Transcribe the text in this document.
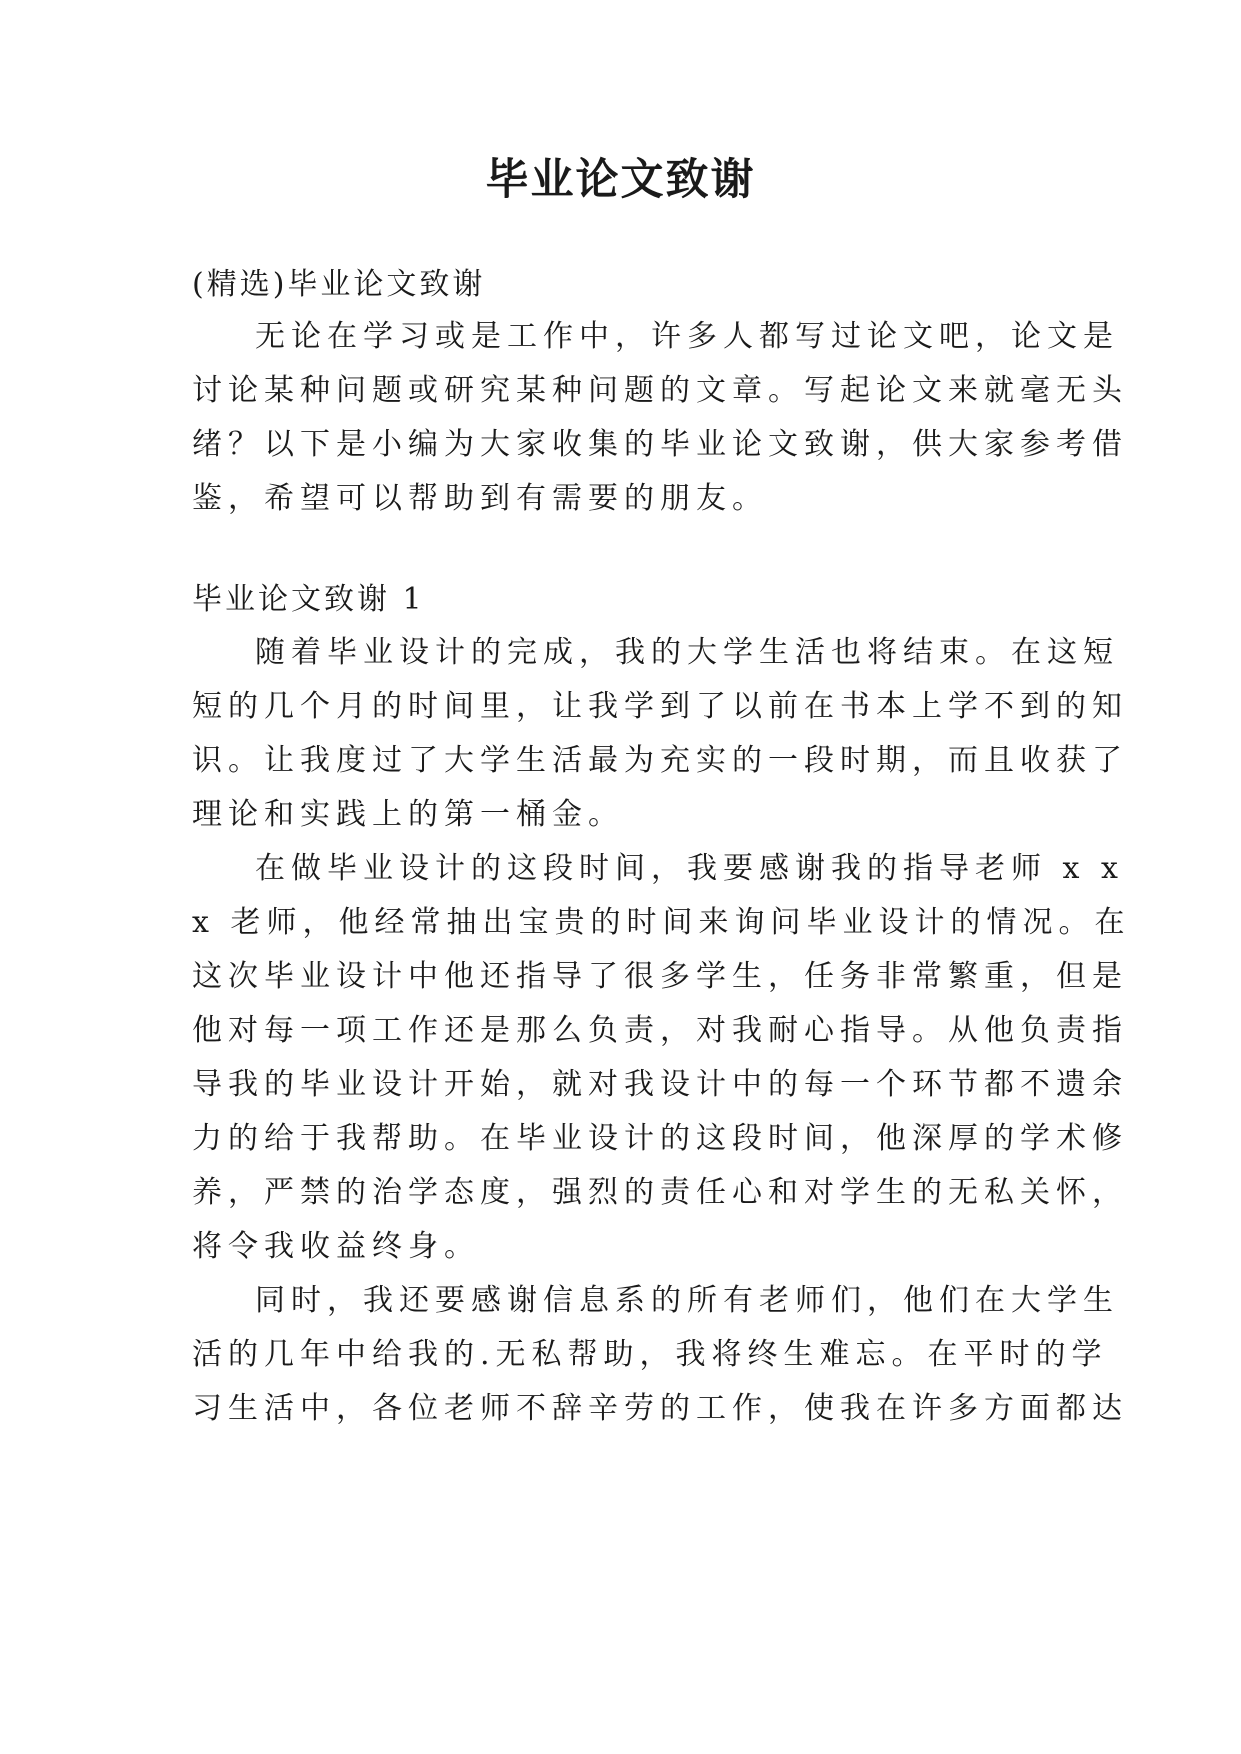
毕业论文致谢
(精选)毕业论文致谢
无论在学习或是工作中，许多人都写过论文吧，论文是
讨论某种问题或研究某种问题的文章。写起论文来就毫无头
绪？以下是小编为大家收集的毕业论文致谢，供大家参考借
鉴，希望可以帮助到有需要的朋友。
毕业论文致谢 1
随着毕业设计的完成，我的大学生活也将结束。在这短
短的几个月的时间里，让我学到了以前在书本上学不到的知
识。让我度过了大学生活最为充实的一段时期，而且收获了
理论和实践上的第一桶金。
在做毕业设计的这段时间，我要感谢我的指导老师 x x
x 老师，他经常抽出宝贵的时间来询问毕业设计的情况。在
这次毕业设计中他还指导了很多学生，任务非常繁重，但是
他对每一项工作还是那么负责，对我耐心指导。从他负责指
导我的毕业设计开始，就对我设计中的每一个环节都不遗余
力的给于我帮助。在毕业设计的这段时间，他深厚的学术修
养，严禁的治学态度，强烈的责任心和对学生的无私关怀，
将令我收益终身。
同时，我还要感谢信息系的所有老师们，他们在大学生
活的几年中给我的.无私帮助，我将终生难忘。在平时的学
习生活中，各位老师不辞辛劳的工作，使我在许多方面都达
